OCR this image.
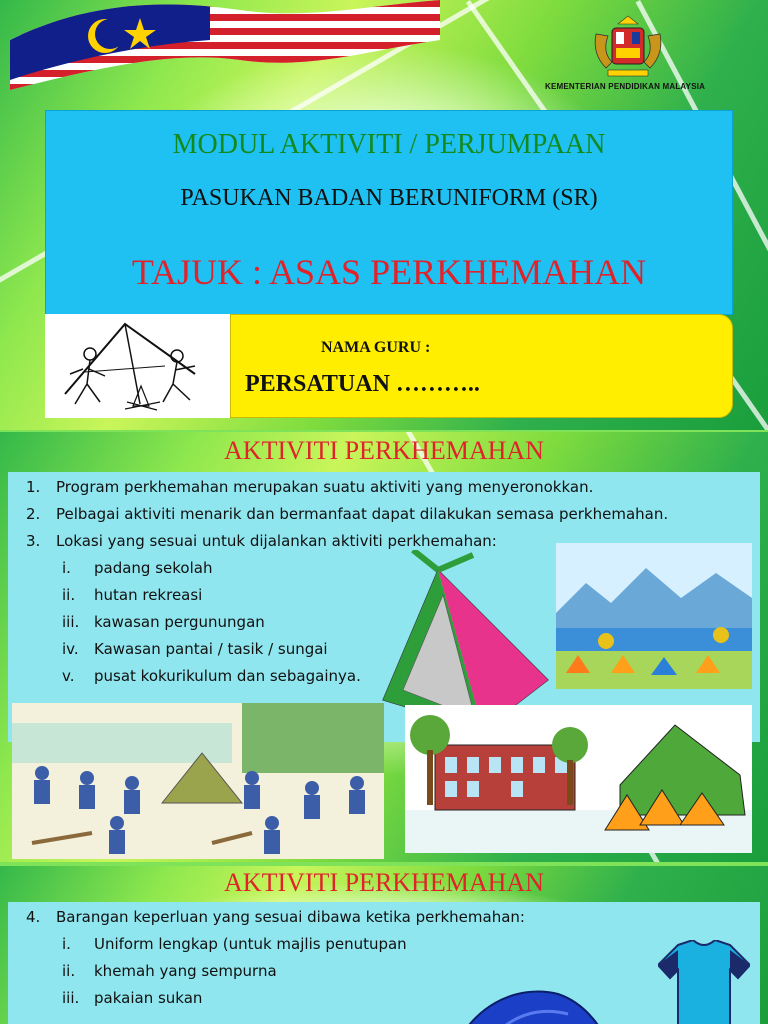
KEMENTERIAN PENDIDIKAN MALAYSIA
MODUL AKTIVITI / PERJUMPAAN
PASUKAN BADAN BERUNIFORM (SR)
TAJUK : ASAS PERKHEMAHAN
NAMA GURU :
PERSATUAN ………..
AKTIVITI PERKHEMAHAN
1.	Program perkhemahan merupakan suatu aktiviti yang menyeronokkan.
2.	Pelbagai aktiviti menarik dan bermanfaat dapat dilakukan semasa perkhemahan.
3.	Lokasi yang sesuai untuk dijalankan aktiviti perkhemahan:
i.	padang sekolah
ii.	hutan rekreasi
iii. kawasan pergunungan
iv.	Kawasan pantai / tasik / sungai
v.	pusat kokurikulum dan sebagainya.
AKTIVITI PERKHEMAHAN
4.	Barangan keperluan yang sesuai dibawa ketika perkhemahan:
i.	Uniform lengkap (untuk majlis penutupan
ii.	khemah yang sempurna
iii. pakaian sukan
